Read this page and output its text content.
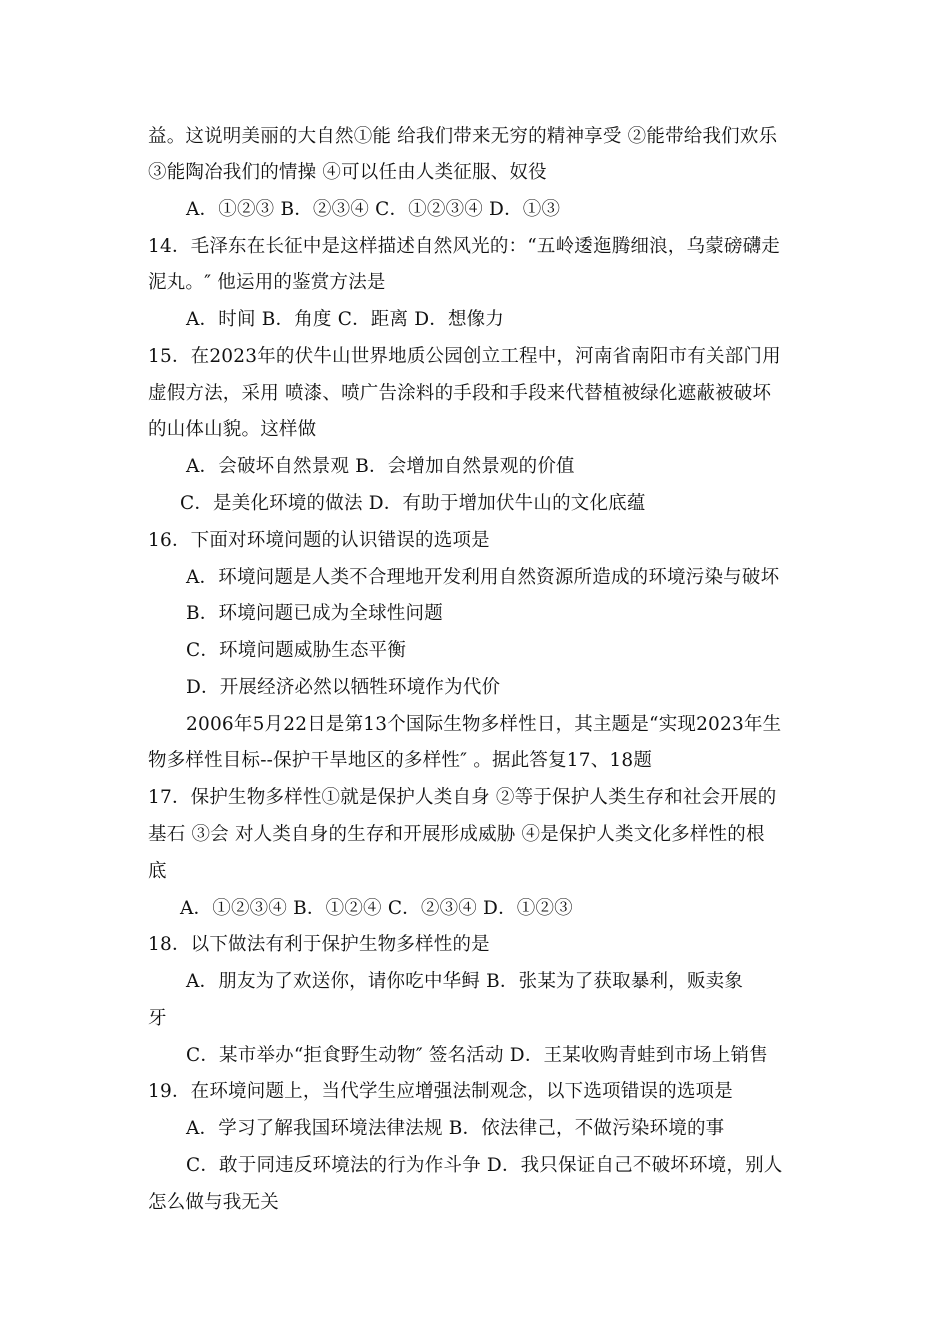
益。这说明美丽的大自然①能 给我们带来无穷的精神享受 ②能带给我们欢乐
③能陶冶我们的情操 ④可以任由人类征服、奴役
A．①②③ B．②③④ C．①②③④ D．①③
14．毛泽东在长征中是这样描述自然风光的：“五岭逶迤腾细浪，乌蒙磅礴走
泥丸。″ 他运用的鉴赏方法是
A．时间 B．角度 C．距离 D．想像力
15．在2023年的伏牛山世界地质公园创立工程中，河南省南阳市有关部门用
虚假方法，采用 喷漆、喷广告涂料的手段和手段来代替植被绿化遮蔽被破坏
的山体山貌。这样做
A．会破坏自然景观 B．会增加自然景观的价值
C．是美化环境的做法 D．有助于增加伏牛山的文化底蕴
16．下面对环境问题的认识错误的选项是
A．环境问题是人类不合理地开发利用自然资源所造成的环境污染与破坏
B．环境问题已成为全球性问题
C．环境问题威胁生态平衡
D．开展经济必然以牺牲环境作为代价
2006年5月22日是第13个国际生物多样性日，其主题是“实现2023年生
物多样性目标--保护干旱地区的多样性″ 。据此答复17、18题
17．保护生物多样性①就是保护人类自身 ②等于保护人类生存和社会开展的
基石 ③会 对人类自身的生存和开展形成威胁 ④是保护人类文化多样性的根
底
A．①②③④ B．①②④ C．②③④ D．①②③
18．以下做法有利于保护生物多样性的是
A．朋友为了欢送你，请你吃中华鲟 B．张某为了获取暴利，贩卖象
牙
C．某市举办“拒食野生动物″ 签名活动 D．王某收购青蛙到市场上销售
19．在环境问题上，当代学生应增强法制观念，以下选项错误的选项是
A．学习了解我国环境法律法规 B．依法律己，不做污染环境的事
C．敢于同违反环境法的行为作斗争 D．我只保证自己不破坏环境，别人
怎么做与我无关
